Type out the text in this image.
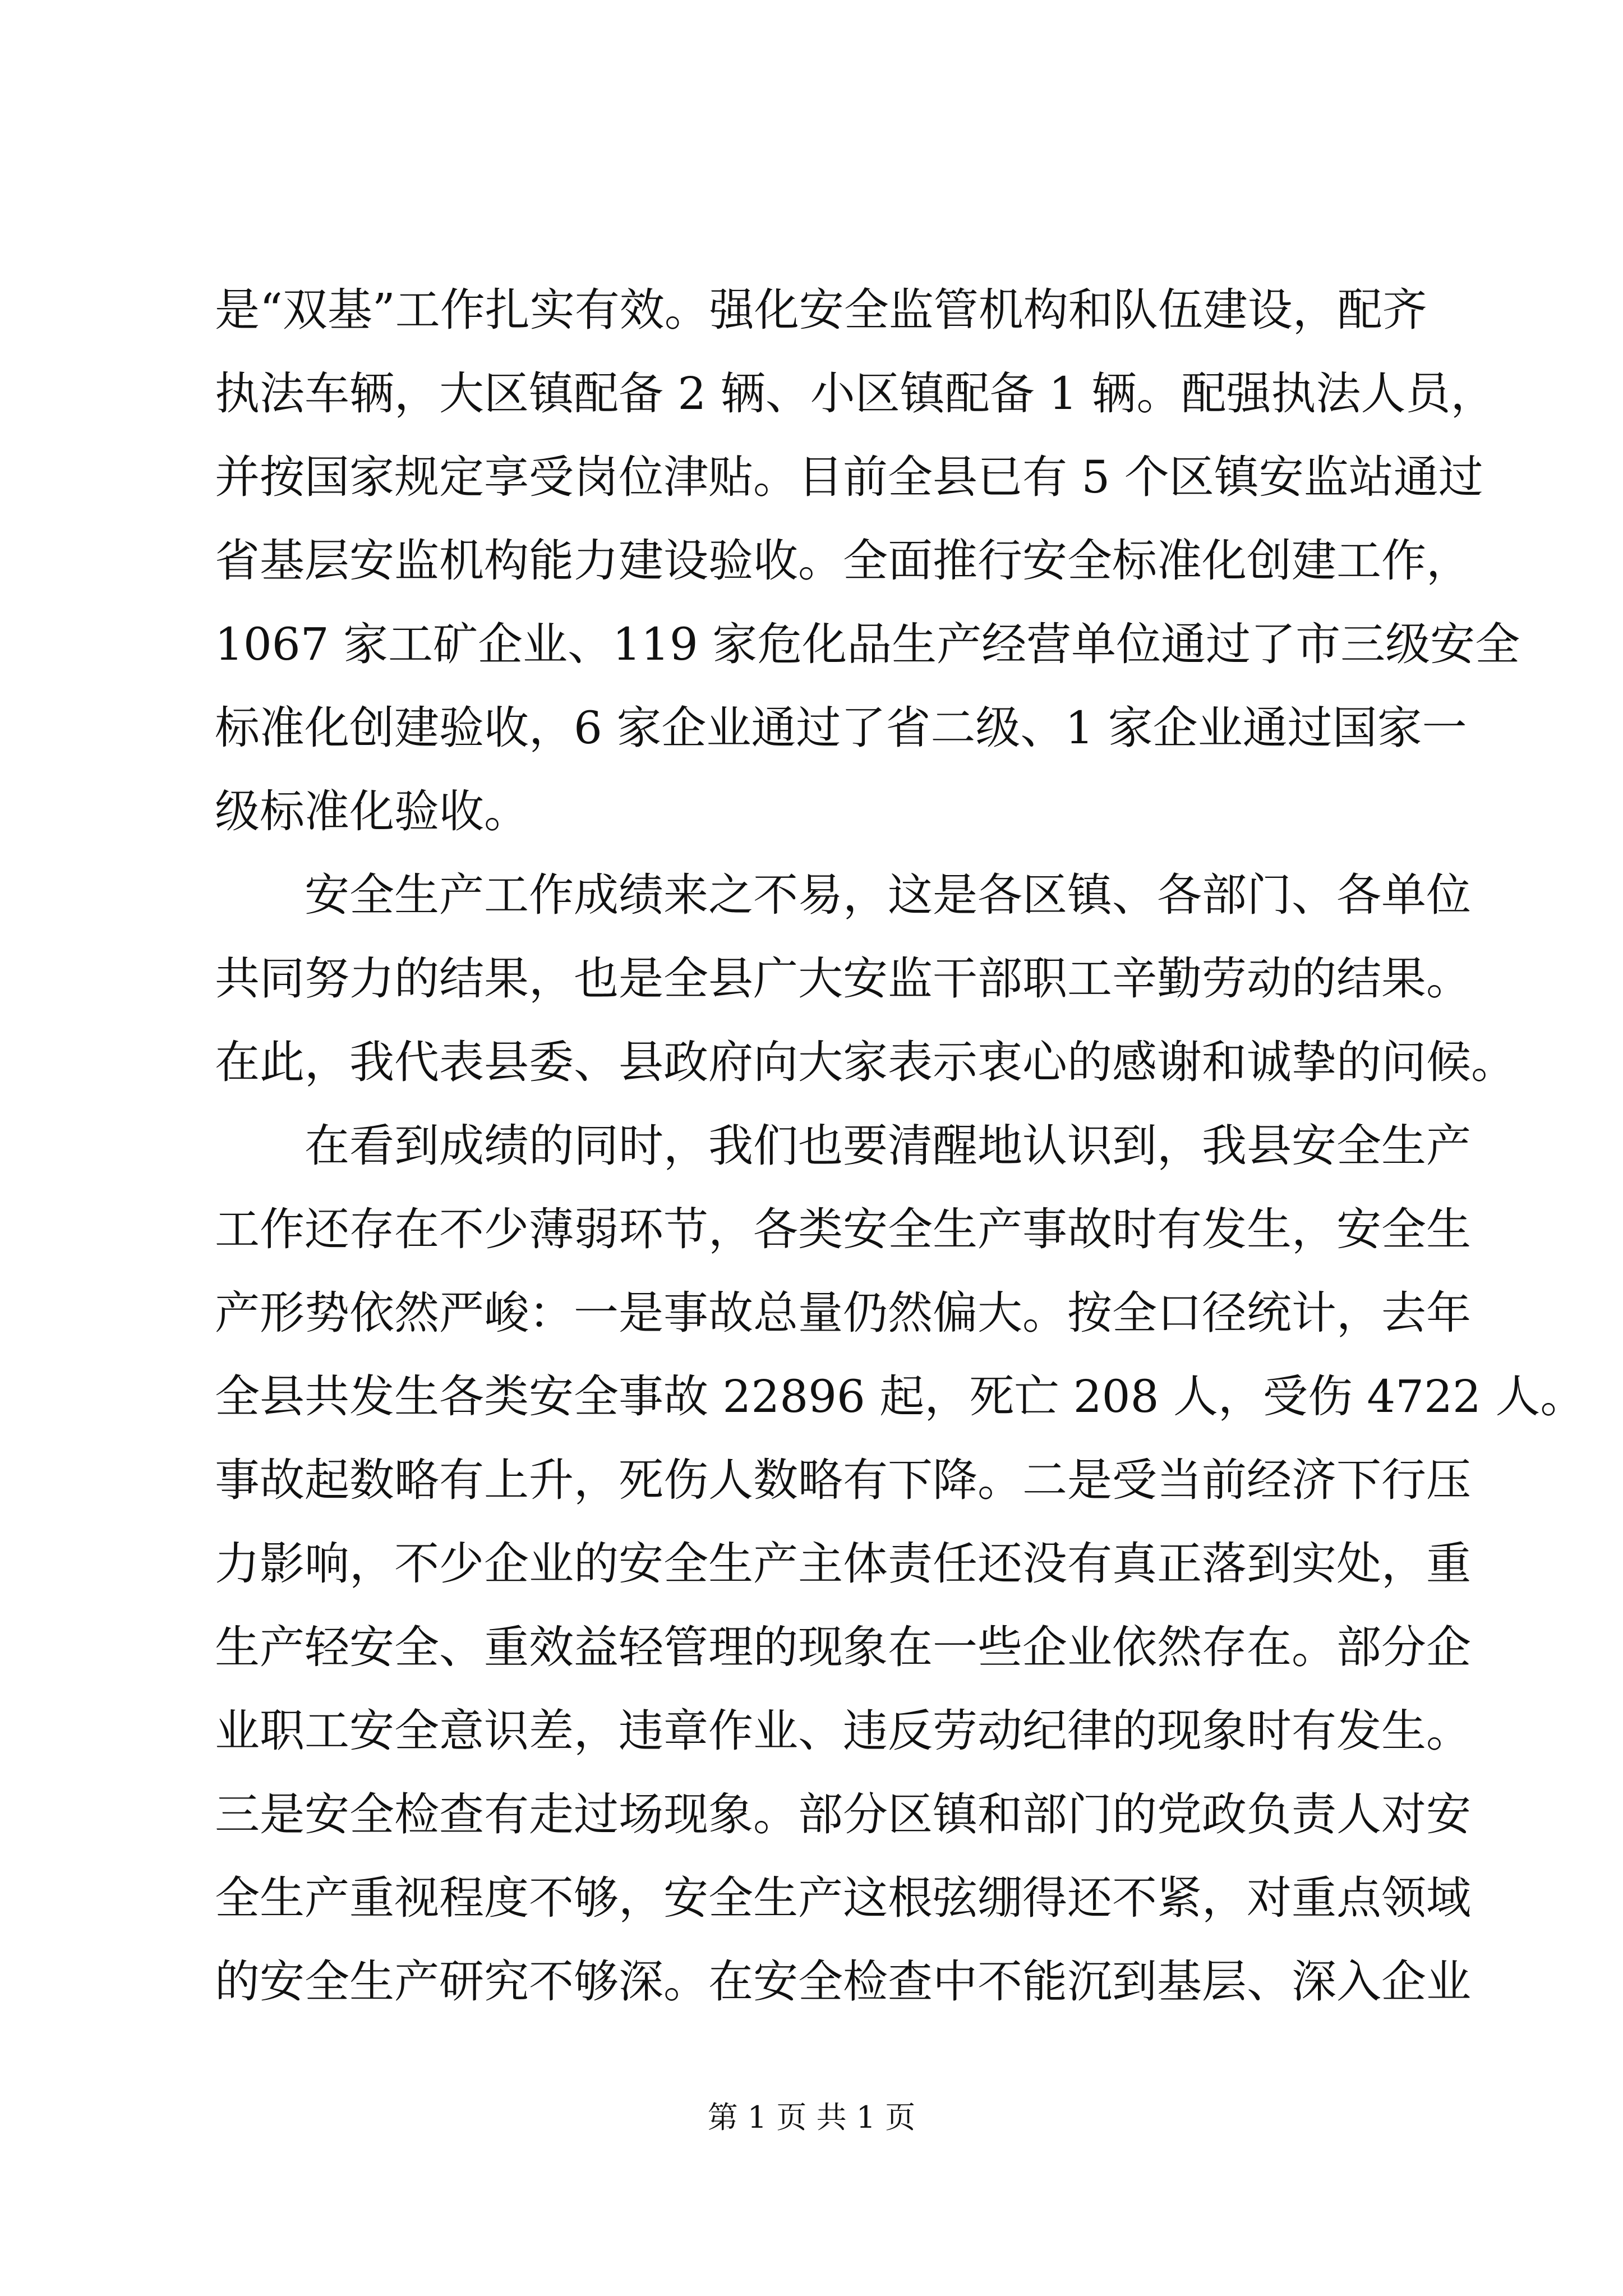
是“双基”工作扎实有效。强化安全监管机构和队伍建设，配齐
执法车辆，大区镇配备 2 辆、小区镇配备 1 辆。配强执法人员，
并按国家规定享受岗位津贴。目前全县已有 5 个区镇安监站通过
省基层安监机构能力建设验收。全面推行安全标准化创建工作，
1067 家工矿企业、119 家危化品生产经营单位通过了市三级安全
标准化创建验收，6 家企业通过了省二级、1 家企业通过国家一
级标准化验收。
安全生产工作成绩来之不易，这是各区镇、各部门、各单位
共同努力的结果，也是全县广大安监干部职工辛勤劳动的结果。
在此，我代表县委、县政府向大家表示衷心的感谢和诚挚的问候。
在看到成绩的同时，我们也要清醒地认识到，我县安全生产
工作还存在不少薄弱环节，各类安全生产事故时有发生，安全生
产形势依然严峻：一是事故总量仍然偏大。按全口径统计，去年
全县共发生各类安全事故 22896 起，死亡 208 人，受伤 4722 人。
事故起数略有上升，死伤人数略有下降。二是受当前经济下行压
力影响，不少企业的安全生产主体责任还没有真正落到实处，重
生产轻安全、重效益轻管理的现象在一些企业依然存在。部分企
业职工安全意识差，违章作业、违反劳动纪律的现象时有发生。
三是安全检查有走过场现象。部分区镇和部门的党政负责人对安
全生产重视程度不够，安全生产这根弦绷得还不紧，对重点领域
的安全生产研究不够深。在安全检查中不能沉到基层、深入企业
第 1 页 共 1 页
